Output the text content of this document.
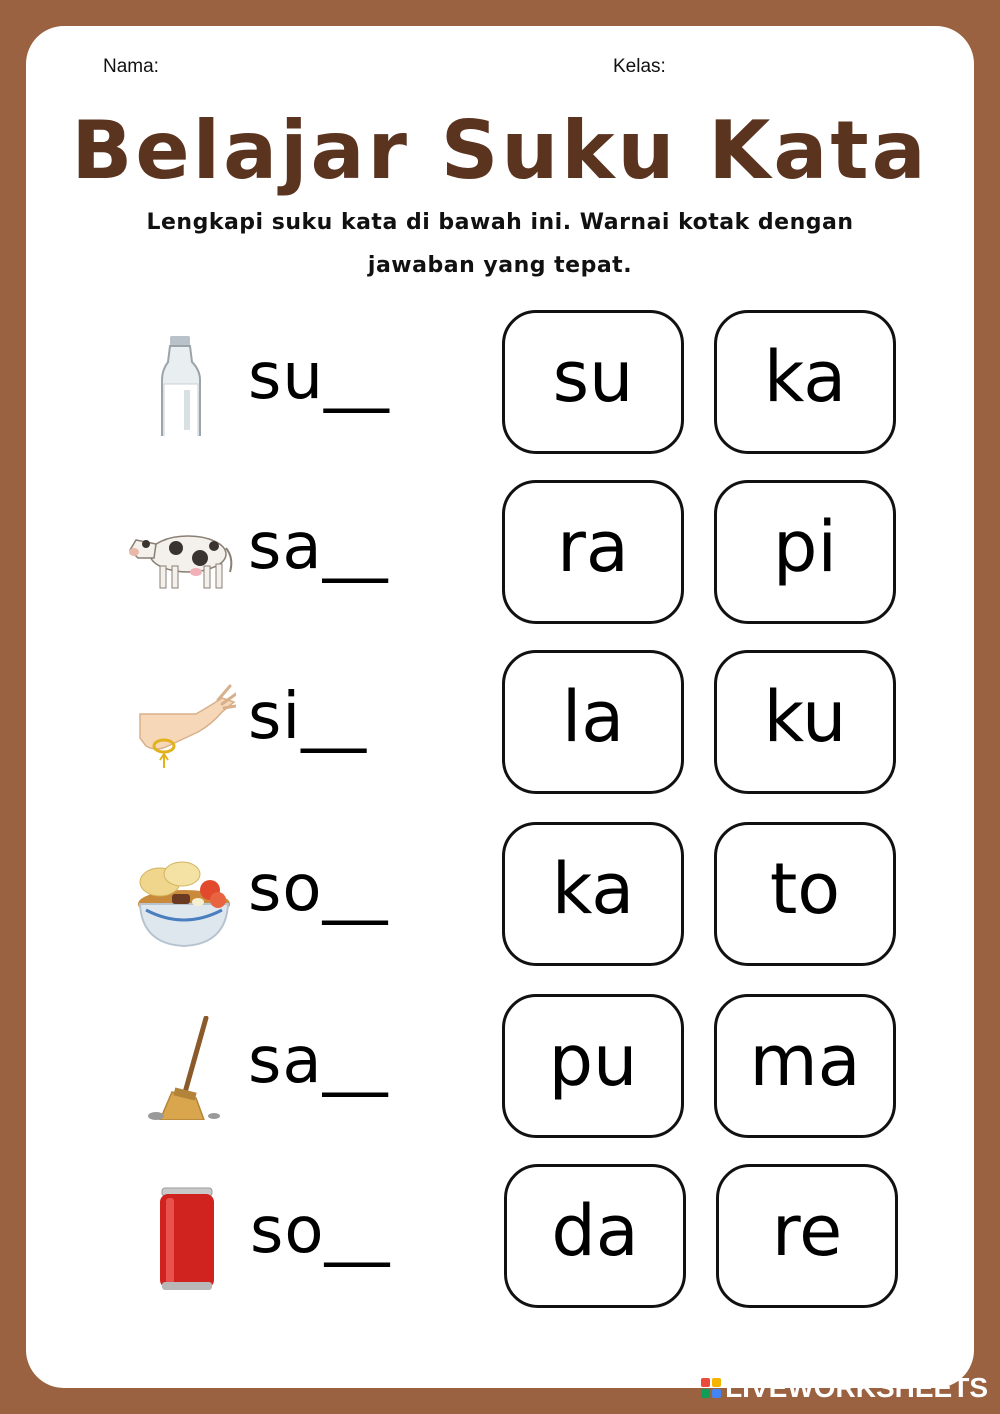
Nama:	Kelas:
Belajar Suku Kata
Lengkapi suku kata di bawah ini. Warnai kotak dengan
jawaban yang tepat.
su__	su	ka
sa__	ra	pi
si__	la	ku
so__	ka	to
sa__	pu	ma
so__	da	re
LIVEWORKSHEETS
